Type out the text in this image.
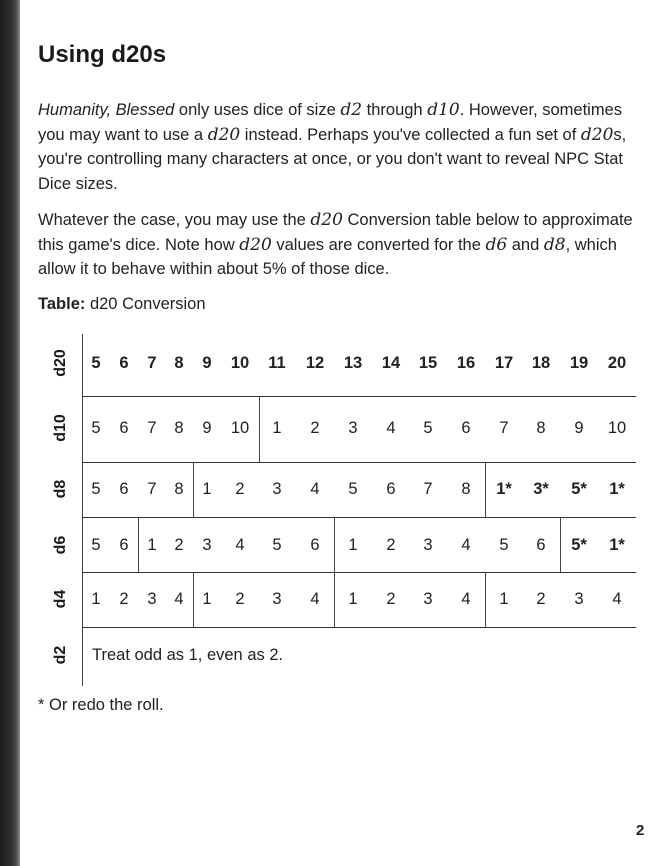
Using d20s

Humanity, Blessed only uses dice of size d2 through d10. However, sometimes you may want to use a d20 instead. Perhaps you've collected a fun set of d20s, you're controlling many characters at once, or you don't want to reveal NPC Stat Dice sizes.

Whatever the case, you may use the d20 Conversion table below to approximate this game's dice. Note how d20 values are converted for the d6 and d8, which allow it to behave within about 5% of those dice.

Table: d20 Conversion

d20	5	6	7	8	9	10	11	12	13	14	15	16	17	18	19	20
d10	5	6	7	8	9	10	1	2	3	4	5	6	7	8	9	10
d8	5	6	7	8	1	2	3	4	5	6	7	8	1*	3*	5*	1*
d6	5	6	1	2	3	4	5	6	1	2	3	4	5	6	5*	1*
d4	1	2	3	4	1	2	3	4	1	2	3	4	1	2	3	4
d2 Treat odd as 1, even as 2.

* Or redo the roll.

2
